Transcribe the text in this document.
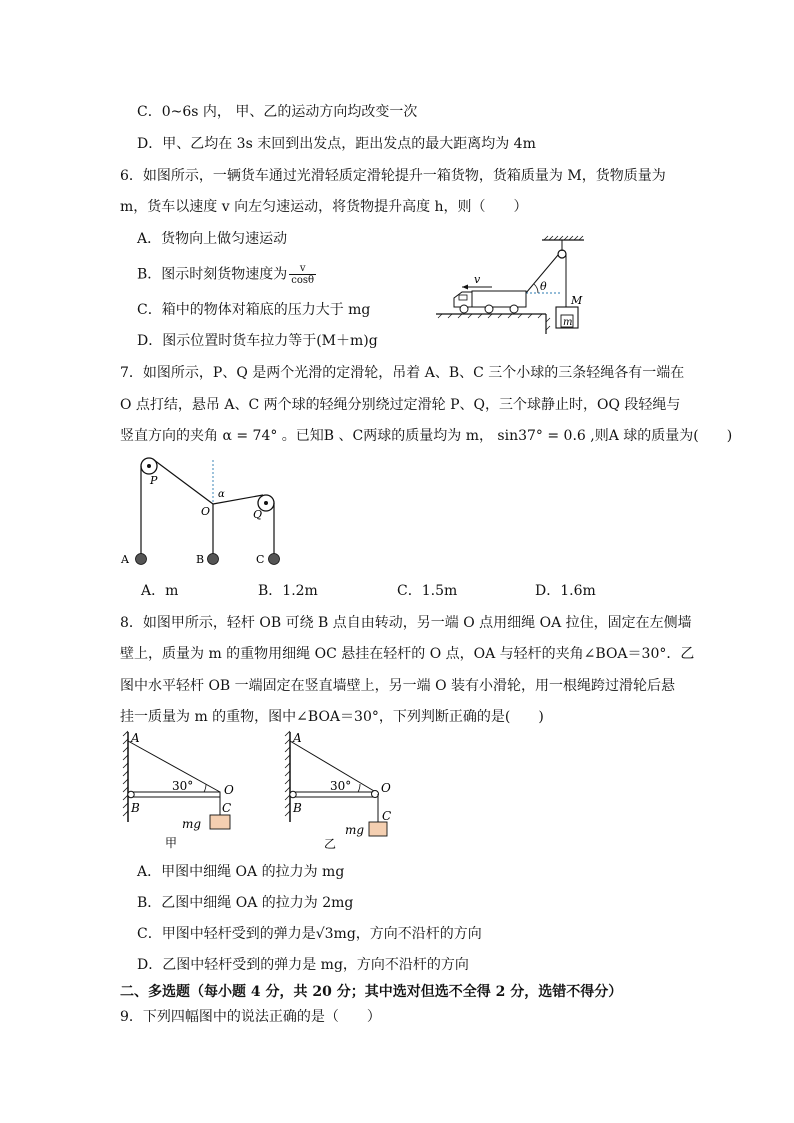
C．0~6s 内， 甲、乙的运动方向均改变一次
D．甲、乙均在 3s 末回到出发点，距出发点的最大距离均为 4m
6．如图所示，一辆货车通过光滑轻质定滑轮提升一箱货物，货箱质量为 M，货物质量为
m，货车以速度 v 向左匀速运动，将货物提升高度 h，则（　　）
A．货物向上做匀速运动
B．图示时刻货物速度为 $\frac{v}{\cos\theta}$
C．箱中的物体对箱底的压力大于 mg
D．图示位置时货车拉力等于(M＋m)g
θ
v
M
m
7．如图所示，P、Q 是两个光滑的定滑轮，吊着 A、B、C 三个小球的三条轻绳各有一端在
O 点打结，悬吊 A、C 两个球的轻绳分别绕过定滑轮 P、Q，三个球静止时，OQ 段轻绳与
竖直方向的夹角 α = 74° 。已知B 、C两球的质量均为 m， sin37° = 0.6 ,则A 球的质量为(　　)
P
Q
O
α
A	B	C
A．m	B．1.2m	C．1.5m	D．1.6m
8．如图甲所示，轻杆 OB 可绕 B 点自由转动，另一端 O 点用细绳 OA 拉住，固定在左侧墙
壁上，质量为 m 的重物用细绳 OC 悬挂在轻杆的 O 点，OA 与轻杆的夹角∠BOA＝30°．乙
图中水平轻杆 OB 一端固定在竖直墙壁上，另一端 O 装有小滑轮，用一根绳跨过滑轮后悬
挂一质量为 m 的重物，图中∠BOA＝30°，下列判断正确的是(　　)
30°
A
B
O
C
mg
甲
30°
A
B
O
C
mg
乙
A．甲图中细绳 OA 的拉力为 mg
B．乙图中细绳 OA 的拉力为 2mg
C．甲图中轻杆受到的弹力是√3mg，方向不沿杆的方向
D．乙图中轻杆受到的弹力是 mg，方向不沿杆的方向
二、多选题（每小题 4 分，共 20 分；其中选对但选不全得 2 分，选错不得分）
9．下列四幅图中的说法正确的是（　　）
